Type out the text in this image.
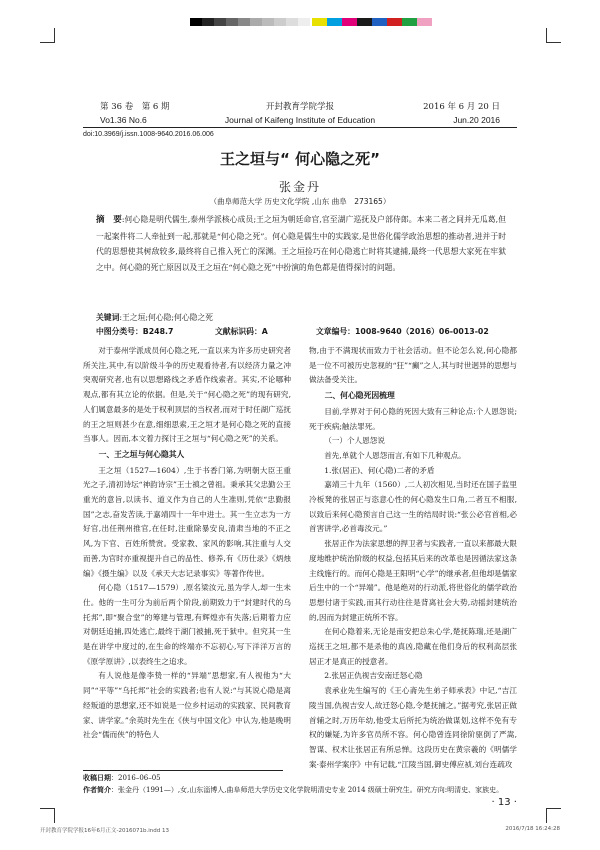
第 36 卷　第 6 期	开封教育学院学报	2016 年 6 月 20 日
Vo1.36 No.6	Journal of Kaifeng Institute of Education	Jun.20 2016
doi:10.3969/j.issn.1008-9640.2016.06.006
王之垣与“ 何心隐之死”
张金丹
（曲阜师范大学 历史文化学院 ,山东 曲阜　273165）
摘　要:何心隐是明代儒生,泰州学派核心成员;王之垣为朝廷命官,官至湖广巡抚及户部侍郎。本来二者之间并无瓜葛,但一起案件将二人牵扯到一起,那就是“何心隐之死”。何心隐是儒生中的实践家,是世俗化儒学政治思想的推动者,进并于时代的思想使其树敌较多,最终将自己推入死亡的深渊。王之垣捡巧在何心隐逃亡时将其逮捕,最终一代思想大家死在牢狱之中。何心隐的死亡原因以及王之垣在“何心隐之死”中扮演的角色都是值得探讨的问题。
关键词:王之垣;何心隐;何心隐之死
中图分类号：B248.7	文献标识码：A	文章编号：1008-9640（2016）06-0013-02

对于泰州学派成员何心隐之死,一直以来为许多历史研究者所关注,其中,有以阶级斗争的历史观看待者,有以经济力量之冲突观研究者,也有以思想路线之矛盾作线索者。其实,不论哪种观点,都有其立论的依据。但是,关于“何心隐之死”的现有研究,人们属意最多的是处于权利顶层的当权者,而对于时任湖广巡抚的王之垣则甚少在意,细细思索,王之垣才是何心隐之死的直接当事人。因而,本文着力探讨王之垣与“何心隐之死”的关系。

一、王之垣与何心隐其人

王之垣（1527—1604）,生于书香门第,为明朝大臣王重光之子,清初诗坛“神韵诗宗”王士禛之曾祖。秉承其父忠勤公王重光的意旨,以读书、道义作为自己的人生准则,凭依“忠勤报国”之志,奋发苦读,于嘉靖四十一年中进士。其一生立志为一方好官,出任荆州推官,在任时,注重除暴安良,清肃当地的不正之风,为下官、百姓所赞赏。受家教、家风的影响,其注重与人交而善,为官时亦重视提升自己的品性、修养,有《历仕录》《炳烛编》《摄生编》以及《承天大志记录事实》等著作传世。

何心隐（1517—1579）,原名梁汝元,虽为学人,却一生未仕。他的一生可分为前后两个阶段,前期致力于“封建时代的乌托邦”,即“聚合堂”的筹建与管理,有辉煌亦有失落;后期着力应对朝廷追捕,四处逃亡,最终于湖门被捕,死于狱中。但究其一生是在讲学中度过的,在生命的终端亦不忘初心,写下洋洋万言的《原学原讲》,以表终生之追求。

有人说他是像李贽一样的“异端”思想家,有人视他为“大同”“平等”“乌托邦”社会的实践者;也有人说:“与其说心隐是离经叛道的思想家,还不如说是一位乡村运动的实践家、民间教育家、讲学家。”余英时先生在《侠与中国文化》中认为,他是晚明社会“儒而侠”的特色人

物,由于不满现状而致力于社会活动。但不论怎么说,何心隐都是一位不可被历史忽视的“狂”“癫”之人,其与时世迥异的思想与做法备受关注。

二、何心隐死因梳理

目前,学界对于何心隐的死因大致有三种论点:个人恩怨说;死于疾病;触法罪死。

（一）个人恩怨说

首先,单就个人恩怨而言,有如下几种观点。

1.张(居正)、何(心隐)二者的矛盾

嘉靖三十九年（1560）,二人初次相见,当时还在国子监里冷板凳的张居正与恣意心性的何心隐发生口角,二者互不相服,以致后来何心隐预言自己这一生的结局时说:“张公必官首相,必首害讲学,必首毒汝元。”

张居正作为法家思想的捍卫者与实践者,一直以来都最大限度地维护统治阶级的权益,包括其后来的改革也是因循法家这条主线施行的。而何心隐是王阳明“心学”的继承者,但他却是儒家后生中的一个“异端”。他是绝对的行动派,将世俗化的儒学政治思想付诸于实践,而其行动往往是背离社会大势,动摇封建统治的,因而为封建正统所不容。

在何心隐着来,无论是南安把总朱心学,楚抚陈瑞,还是湖广巡抚王之垣,都不是杀他的真凶,隐藏在他们身后的权利高层张居正才是真正的授意者。

2.张居正仇视吉安南迁怒心隐

袁承业先生编写的《王心斋先生弟子师承表》中记,“吉江陵当国,仇视吉安人,故迁怒心隐,令楚抚捕之。”据考究,张居正做首辅之时,万历年幼,他受太后所托为统治做谋划,这样不免有专权的嫌疑,为许多官员所不容。何心隐曾连同徐阶驱倒了严嵩,智谋、权术让张居正有所忌惮。这段历史在黄宗羲的《明儒学案·泰州学案序》中有记载,“江陵当国,御史傅应祯,刘台连疏攻

收稿日期：2016–06–05
作者简介：张金丹（1991—）,女,山东淄博人,曲阜师范大学历史文化学院明清史专业 2014 级硕士研究生。研究方向:明清史、家族史。
· 13 ·
开封教育学院学报16年6月正文-2016071b.indd 13	2016/7/18 16:24:28
